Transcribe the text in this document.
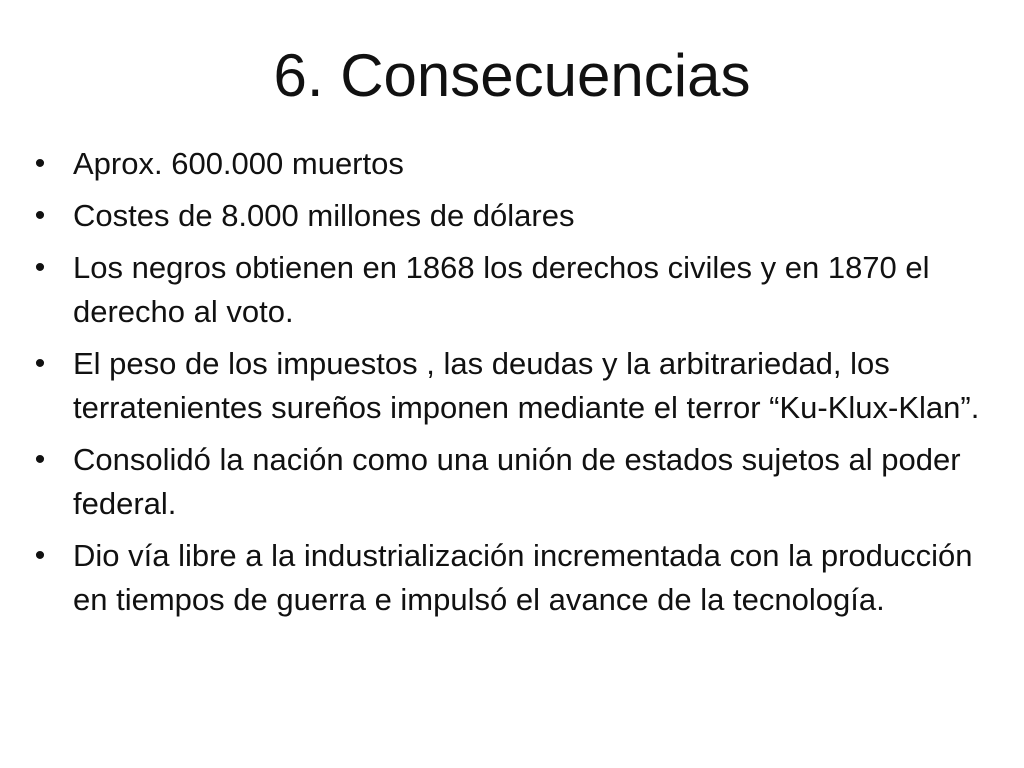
6. Consecuencias
• Aprox. 600.000 muertos
• Costes de 8.000 millones de dólares
• Los negros obtienen en 1868 los derechos civiles y en 1870 el derecho al voto.
• El peso de los impuestos , las deudas y la arbitrariedad, los terratenientes sureños imponen mediante el terror “Ku-Klux-Klan”.
• Consolidó la nación como una unión de estados sujetos al poder federal.
• Dio vía libre a la industrialización incrementada con la producción en tiempos de guerra e impulsó el avance de la tecnología.
